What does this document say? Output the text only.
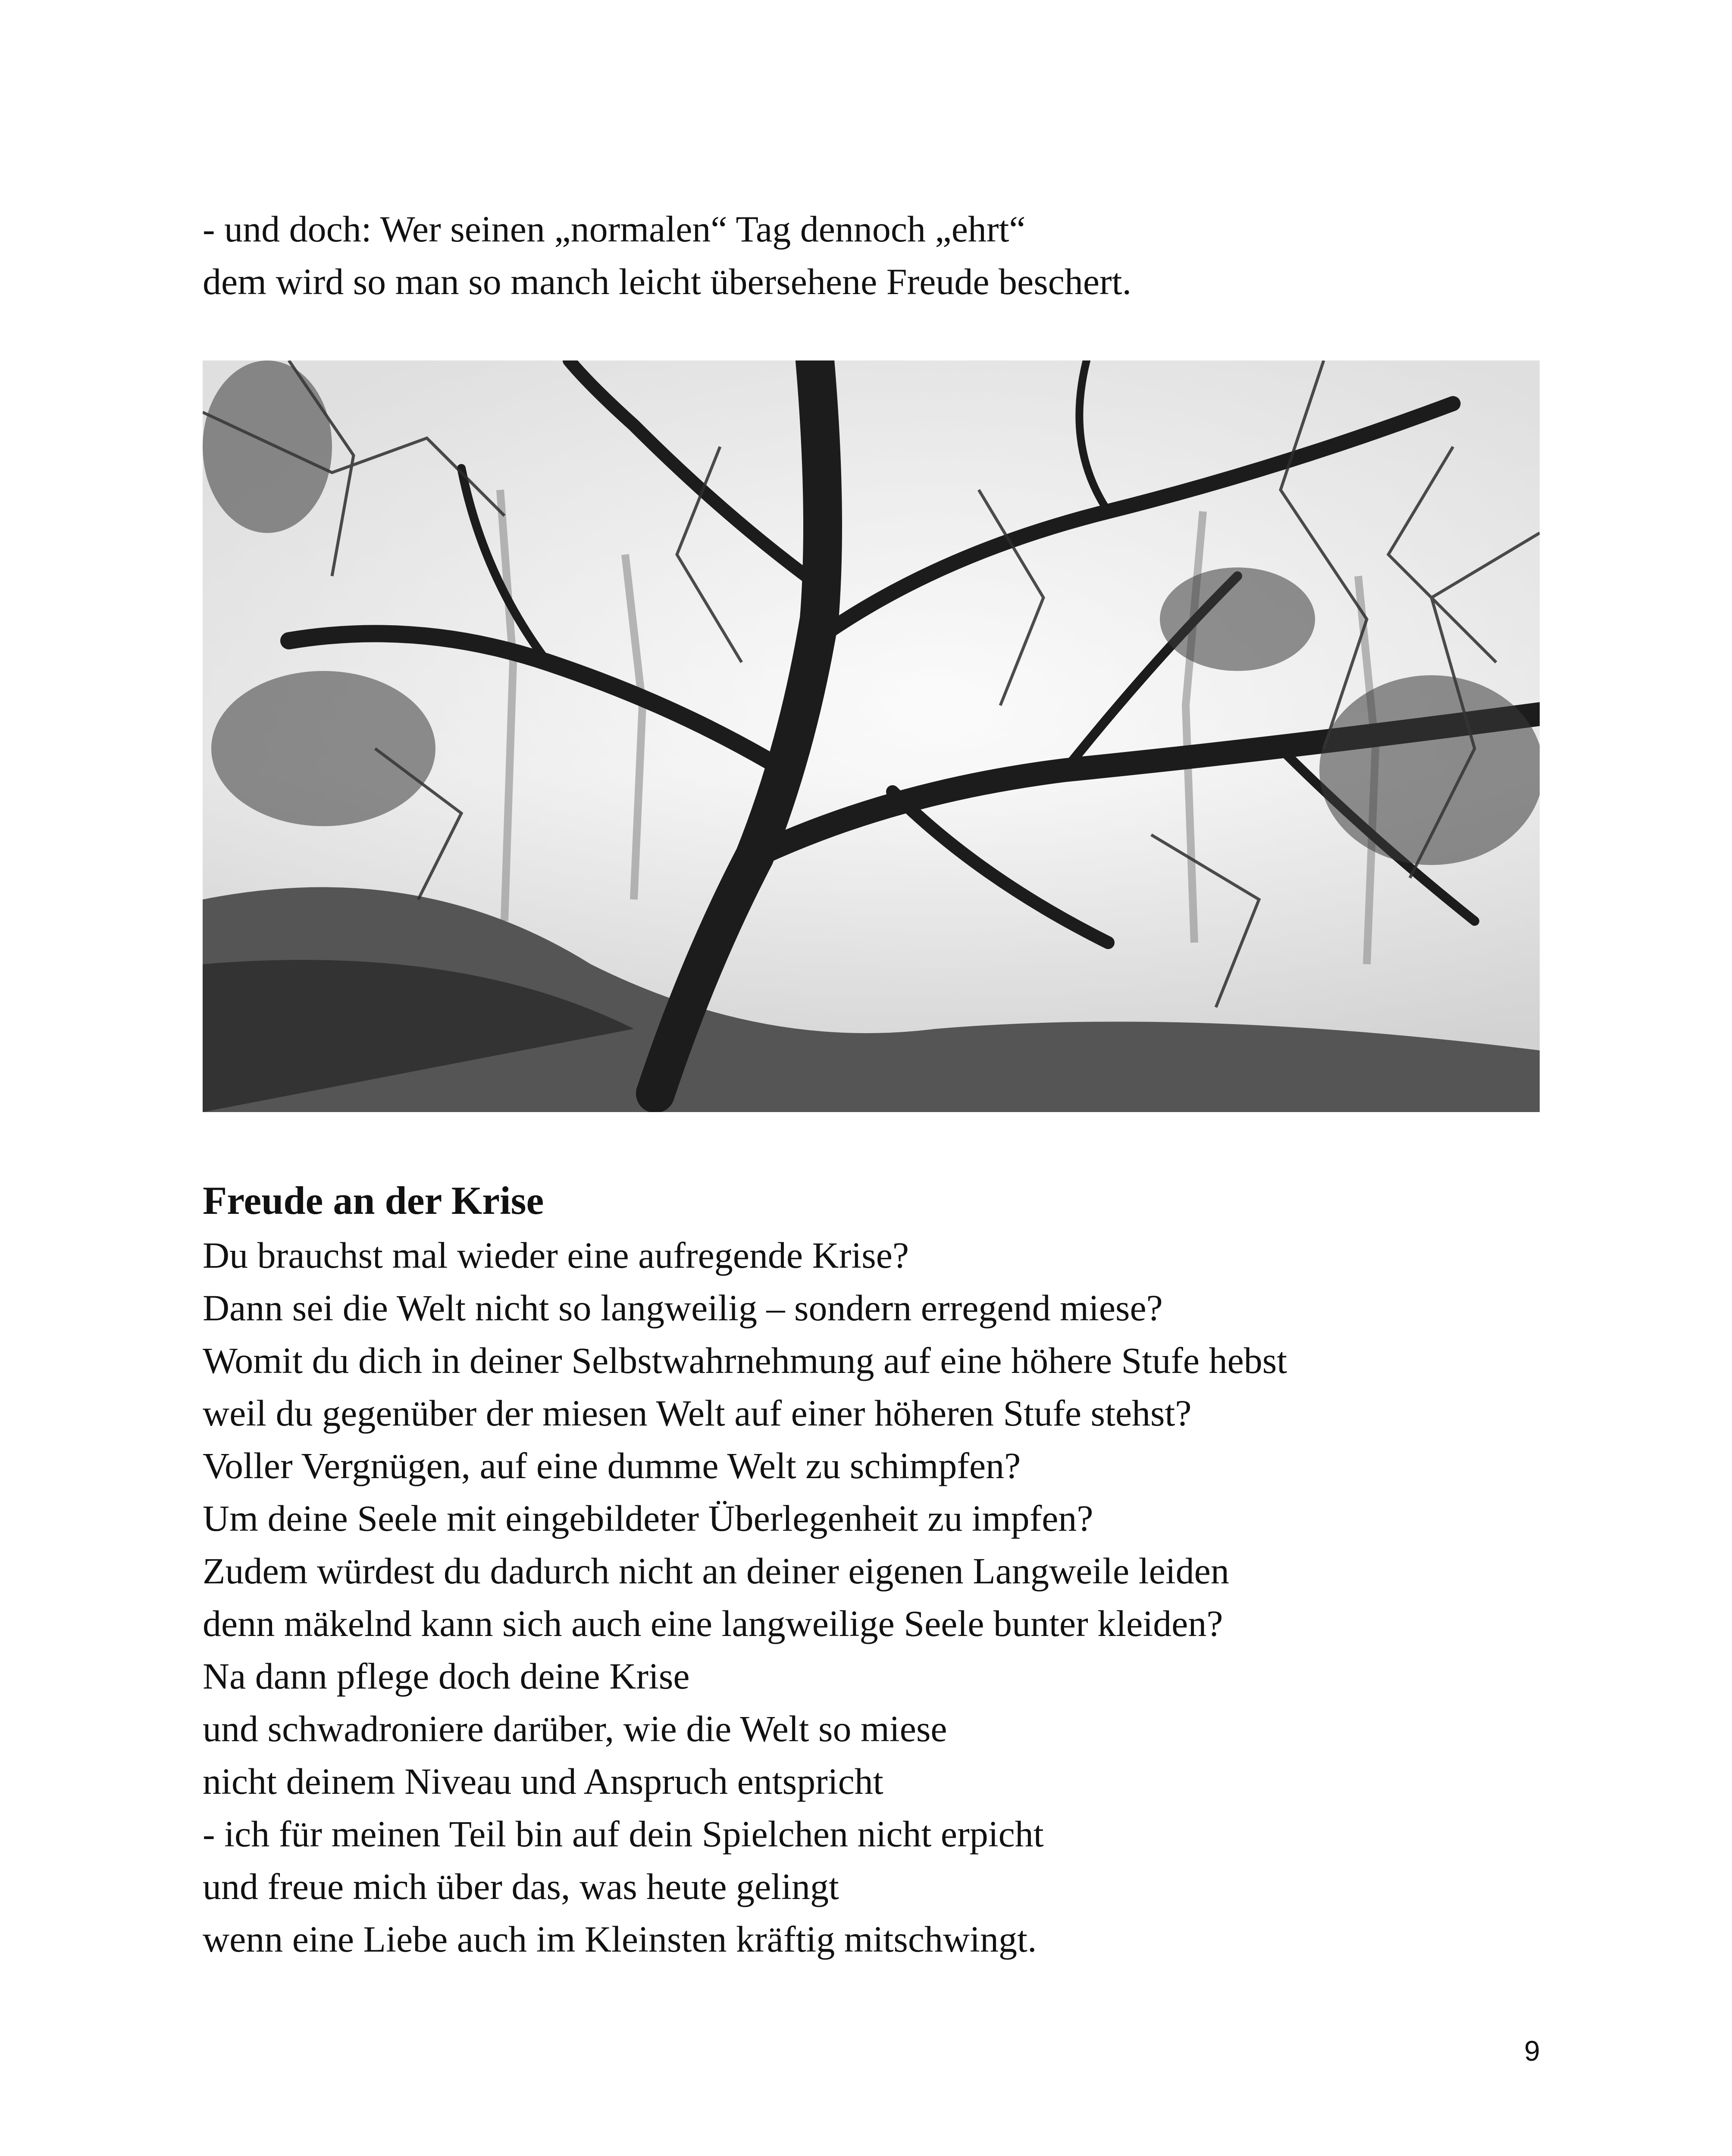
- und doch: Wer seinen „normalen“ Tag dennoch „ehrt“
dem wird so man so manch leicht übersehene Freude beschert.
Freude an der Krise
Du brauchst mal wieder eine aufregende Krise?
Dann sei die Welt nicht so langweilig – sondern erregend miese?
Womit du dich in deiner Selbstwahrnehmung auf eine höhere Stufe hebst
weil du gegenüber der miesen Welt auf einer höheren Stufe stehst?
Voller Vergnügen, auf eine dumme Welt zu schimpfen?
Um deine Seele mit eingebildeter Überlegenheit zu impfen?
Zudem würdest du dadurch nicht an deiner eigenen Langweile leiden
denn mäkelnd kann sich auch eine langweilige Seele bunter kleiden?
Na dann pflege doch deine Krise
und schwadroniere darüber, wie die Welt so miese
nicht deinem Niveau und Anspruch entspricht
- ich für meinen Teil bin auf dein Spielchen nicht erpicht
und freue mich über das, was heute gelingt
wenn eine Liebe auch im Kleinsten kräftig mitschwingt.
9
